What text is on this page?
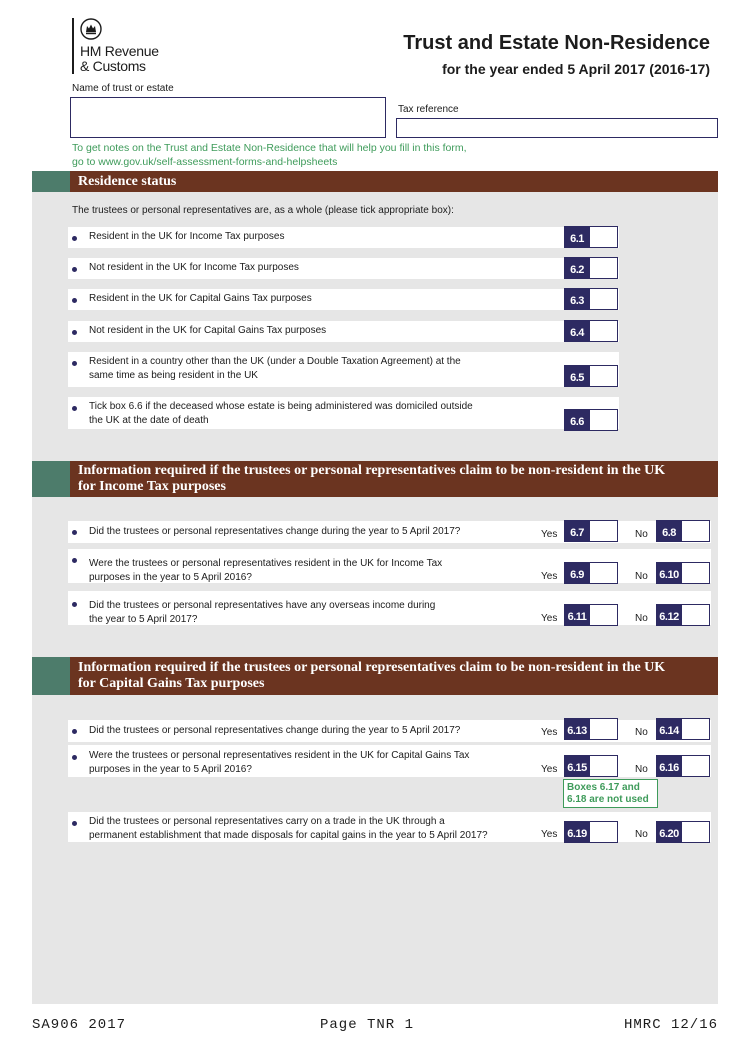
HM Revenue
& Customs
Trust and Estate Non-Residence
for the year ended 5 April 2017 (2016-17)
Name of trust or estate
Tax reference
To get notes on the Trust and Estate Non-Residence that will help you fill in this form,
go to www.gov.uk/self-assessment-forms-and-helpsheets
Residence status
The trustees or personal representatives are, as a whole (please tick appropriate box):
Resident in the UK for Income Tax purposes	6.1
Not resident in the UK for Income Tax purposes	6.2
Resident in the UK for Capital Gains Tax purposes	6.3
Not resident in the UK for Capital Gains Tax purposes	6.4
Resident in a country other than the UK (under a Double Taxation Agreement) at the
same time as being resident in the UK	6.5
Tick box 6.6 if the deceased whose estate is being administered was domiciled outside
the UK at the date of death	6.6
Information required if the trustees or personal representatives claim to be non-resident in the UK
for Income Tax purposes
Did the trustees or personal representatives change during the year to 5 April 2017?	Yes	6.7	No	6.8
Were the trustees or personal representatives resident in the UK for Income Tax
purposes in the year to 5 April 2016?	Yes	6.9	No 6.10
Did the trustees or personal representatives have any overseas income during
the year to 5 April 2017?	Yes 6.11	No 6.12
Information required if the trustees or personal representatives claim to be non-resident in the UK
for Capital Gains Tax purposes
Did the trustees or personal representatives change during the year to 5 April 2017?	Yes 6.13	No 6.14
Were the trustees or personal representatives resident in the UK for Capital Gains Tax
purposes in the year to 5 April 2016?	Yes 6.15	No 6.16
Boxes 6.17 and
6.18 are not used
Did the trustees or personal representatives carry on a trade in the UK through a
permanent establishment that made disposals for capital gains in the year to 5 April 2017?	Yes 6.19	No 6.20
SA906 2017	Page TNR 1	HMRC 12/16
